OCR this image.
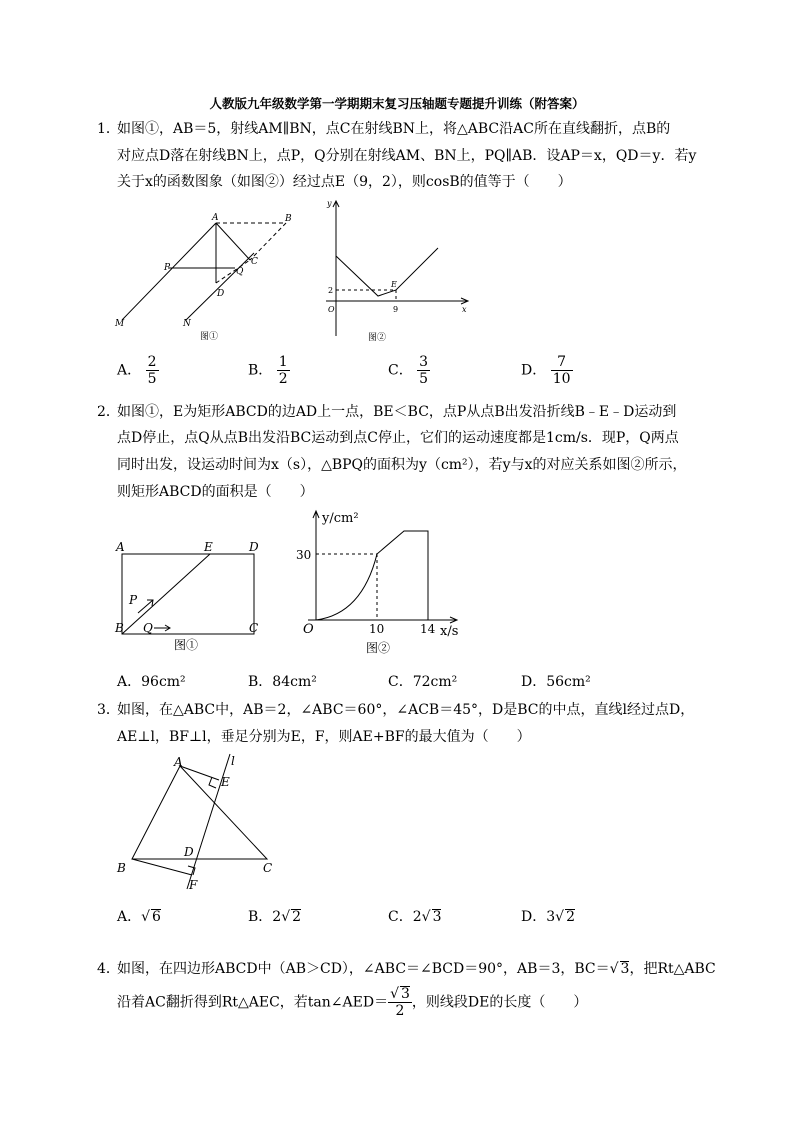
人教版九年级数学第一学期期末复习压轴题专题提升训练（附答案）
1．
如图①，AB＝5，射线AM∥BN，点C在射线BN上，将△ABC沿AC所在直线翻折，点B的
对应点D落在射线BN上，点P，Q分别在射线AM、BN上，PQ∥AB．设AP＝x，QD＝y．若y
关于x的函数图象（如图②）经过点E（9，2），则cosB的值等于（　　）
A	B
C
P	Q
D
M	N
图①
y
x
O
E
2
9
图②
A． $\frac{2}{5}$	B． $\frac{1}{2}$	C． $\frac{3}{5}$	D． $\frac{7}{10}$
2．
如图①，E为矩形ABCD的边AD上一点，BE＜BC，点P从点B出发沿折线B﹣E﹣D运动到
点D停止，点Q从点B出发沿BC运动到点C停止，它们的运动速度都是1cm/s．现P，Q两点
同时出发，设运动时间为x（s），△BPQ的面积为y（cm²），若y与x的对应关系如图②所示，
则矩形ABCD的面积是（　　）
A	E	D
P
B Q	C
图①
y/cm²
30
O	10	14 x/s
图②
A．96cm²	B．84cm²	C．72cm²	D．56cm²
3．
如图，在△ABC中，AB＝2，∠ABC＝60°，∠ACB＝45°，D是BC的中点，直线l经过点D，
AE⊥l，BF⊥l，垂足分别为E，F，则AE+BF的最大值为（　　）
A	l
E
D
B	C
F
A．√ 6	B．2√ 2	C．2√ 3	D．3√ 2
4．
如图，在四边形ABCD中（AB＞CD），∠ABC＝∠BCD＝90°，AB＝3，BC＝√ 3，把Rt△ABC
沿着AC翻折得到Rt△AEC，若tan∠AED＝ $\frac{√ 3}{2}$ ，则线段DE的长度（　　）
